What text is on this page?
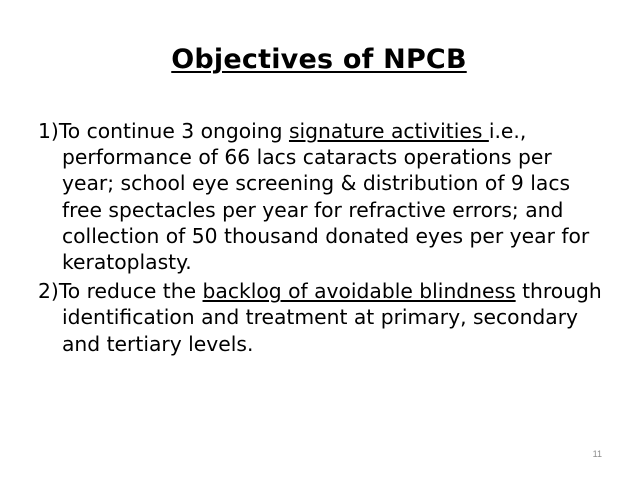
Objectives of NPCB

1)To continue 3 ongoing signature activities i.e., performance of 66 lacs cataracts operations per year; school eye screening & distribution of 9 lacs free spectacles per year for refractive errors; and collection of 50 thousand donated eyes per year for keratoplasty.

2)To reduce the backlog of avoidable blindness through identification and treatment at primary, secondary and tertiary levels.

11
